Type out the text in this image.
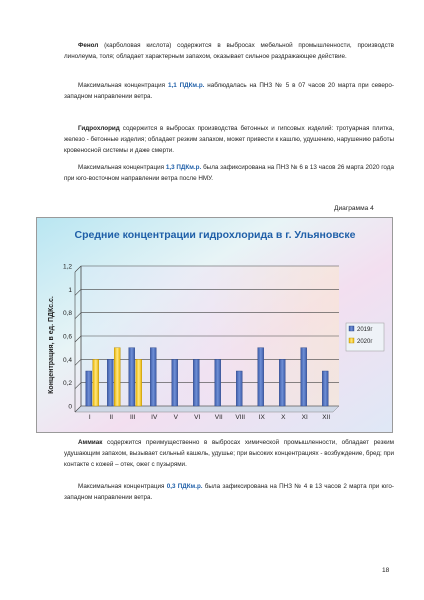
Фенол (карболовая кислота) содержится в выбросах мебельной промышленности, производств линолеума, толя; обладает характерным запахом, оказывает сильное раздражающее действие.

Максимальная концентрация 1,1 ПДКм.р. наблюдалась на ПНЗ № 5 в 07 часов 20 марта при северо-западном направлении ветра.

Гидрохлорид содержится в выбросах производства бетонных и гипсовых изделий: тротуарная плитка, железо - бетонные изделия; обладает резким запахом, может привести к кашлю, удушению, нарушению работы кровеносной системы и даже смерти.

Максимальная концентрация 1,3 ПДКм.р. была зафиксирована на ПНЗ № 6 в 13 часов 26 марта 2020 года при юго-восточном направлении ветра после НМУ.

Диаграмма 4
Средние концентрации гидрохлорида в г. Ульяновске
Концентрация, в ед. ПДКс.с.
0
0,2
0,4
0,6
0,8
1
1,2
I	II	III IV	V	VI VII VIII IX	X	XI XII
2019г
2020г

Аммиак содержится преимущественно в выбросах химической промышленности, обладает резким удушающим запахом, вызывает сильный кашель, удушье; при высоких концентрациях - возбуждение, бред; при контакте с кожей – отек, ожег с пузырями.

Максимальная концентрация 0,3 ПДКм.р. была зафиксирована на ПНЗ № 4 в 13 часов 2 марта при юго-западном направлении ветра.

18
